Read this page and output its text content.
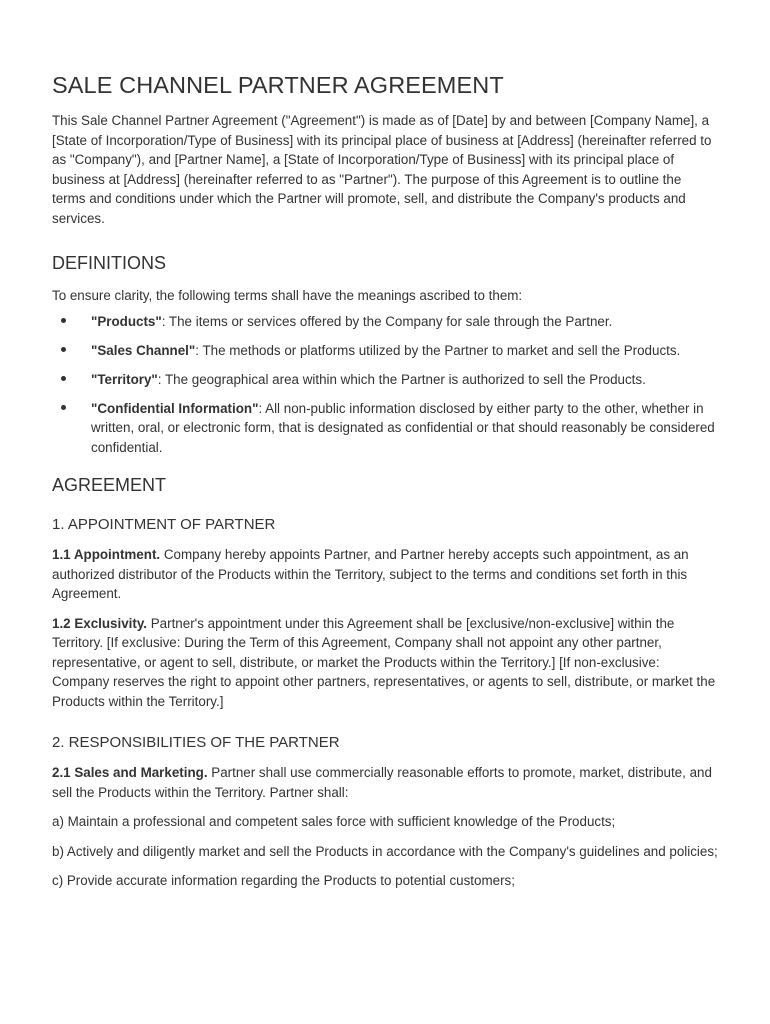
SALE CHANNEL PARTNER AGREEMENT

This Sale Channel Partner Agreement ("Agreement") is made as of [Date] by and between [Company Name], a [State of Incorporation/Type of Business] with its principal place of business at [Address] (hereinafter referred to as "Company"), and [Partner Name], a [State of Incorporation/Type of Business] with its principal place of business at [Address] (hereinafter referred to as "Partner"). The purpose of this Agreement is to outline the terms and conditions under which the Partner will promote, sell, and distribute the Company's products and services.

DEFINITIONS

To ensure clarity, the following terms shall have the meanings ascribed to them:

"Products": The items or services offered by the Company for sale through the Partner.
"Sales Channel": The methods or platforms utilized by the Partner to market and sell the Products.
"Territory": The geographical area within which the Partner is authorized to sell the Products.
"Confidential Information": All non-public information disclosed by either party to the other, whether in written, oral, or electronic form, that is designated as confidential or that should reasonably be considered confidential.
AGREEMENT
1. APPOINTMENT OF PARTNER

1.1 Appointment. Company hereby appoints Partner, and Partner hereby accepts such appointment, as an authorized distributor of the Products within the Territory, subject to the terms and conditions set forth in this Agreement.

1.2 Exclusivity. Partner's appointment under this Agreement shall be [exclusive/non-exclusive] within the Territory. [If exclusive: During the Term of this Agreement, Company shall not appoint any other partner, representative, or agent to sell, distribute, or market the Products within the Territory.] [If non-exclusive: Company reserves the right to appoint other partners, representatives, or agents to sell, distribute, or market the Products within the Territory.]

2. RESPONSIBILITIES OF THE PARTNER

2.1 Sales and Marketing. Partner shall use commercially reasonable efforts to promote, market, distribute, and sell the Products within the Territory. Partner shall:

a) Maintain a professional and competent sales force with sufficient knowledge of the Products;

b) Actively and diligently market and sell the Products in accordance with the Company's guidelines and policies;

c) Provide accurate information regarding the Products to potential customers;
